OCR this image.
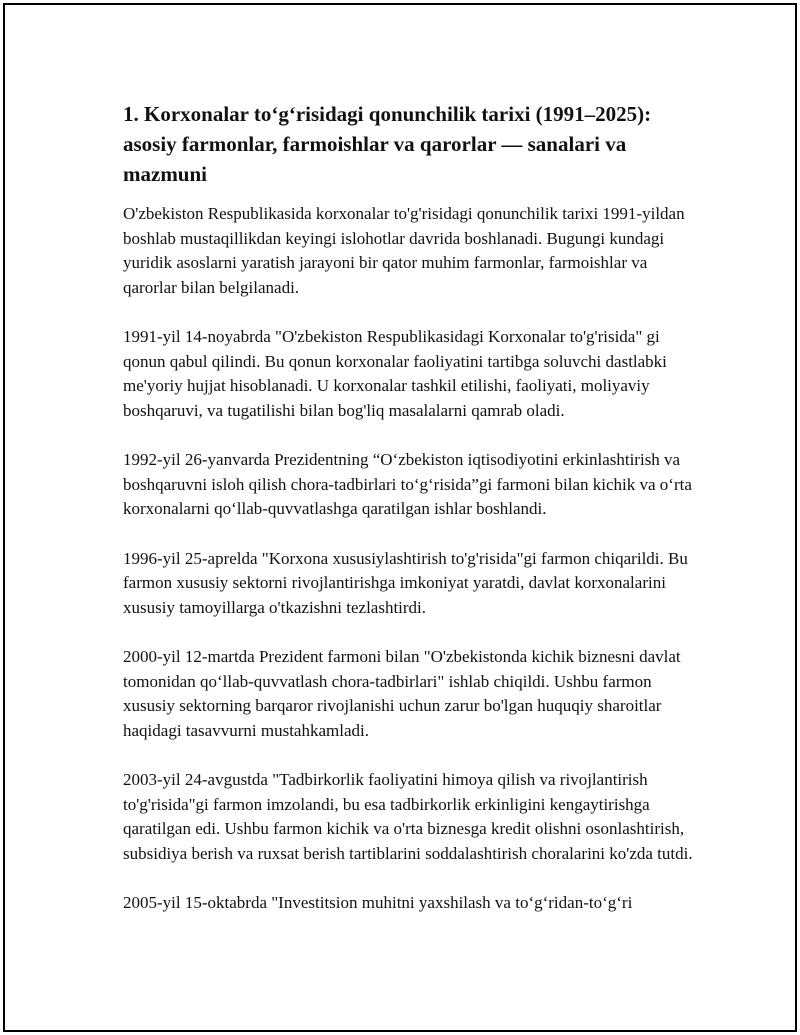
1. Korxonalar to‘g‘risidagi qonunchilik tarixi (1991–2025): asosiy farmonlar, farmoishlar va qarorlar — sanalari va mazmuni

O'zbekiston Respublikasida korxonalar to'g'risidagi qonunchilik tarixi 1991-yildan boshlab mustaqillikdan keyingi islohotlar davrida boshlanadi. Bugungi kundagi yuridik asoslarni yaratish jarayoni bir qator muhim farmonlar, farmoishlar va qarorlar bilan belgilanadi.

1991-yil 14-noyabrda "O'zbekiston Respublikasidagi Korxonalar to'g'risida" gi qonun qabul qilindi. Bu qonun korxonalar faoliyatini tartibga soluvchi dastlabki me'yoriy hujjat hisoblanadi. U korxonalar tashkil etilishi, faoliyati, moliyaviy boshqaruvi, va tugatilishi bilan bog'liq masalalarni qamrab oladi.

1992-yil 26-yanvarda Prezidentning “O‘zbekiston iqtisodiyotini erkinlashtirish va boshqaruvni isloh qilish chora-tadbirlari to‘g‘risida”gi farmoni bilan kichik va o‘rta korxonalarni qo‘llab-quvvatlashga qaratilgan ishlar boshlandi.

1996-yil 25-aprelda "Korxona xususiylashtirish to'g'risida"gi farmon chiqarildi. Bu farmon xususiy sektorni rivojlantirishga imkoniyat yaratdi, davlat korxonalarini xususiy tamoyillarga o'tkazishni tezlashtirdi.

2000-yil 12-martda Prezident farmoni bilan "O'zbekistonda kichik biznesni davlat tomonidan qo‘llab-quvvatlash chora-tadbirlari" ishlab chiqildi. Ushbu farmon xususiy sektorning barqaror rivojlanishi uchun zarur bo'lgan huquqiy sharoitlar haqidagi tasavvurni mustahkamladi.

2003-yil 24-avgustda "Tadbirkorlik faoliyatini himoya qilish va rivojlantirish to'g'risida"gi farmon imzolandi, bu esa tadbirkorlik erkinligini kengaytirishga qaratilgan edi. Ushbu farmon kichik va o'rta biznesga kredit olishni osonlashtirish, subsidiya berish va ruxsat berish tartiblarini soddalashtirish choralarini ko'zda tutdi.

2005-yil 15-oktabrda "Investitsion muhitni yaxshilash va to‘g‘ridan-to‘g‘ri
